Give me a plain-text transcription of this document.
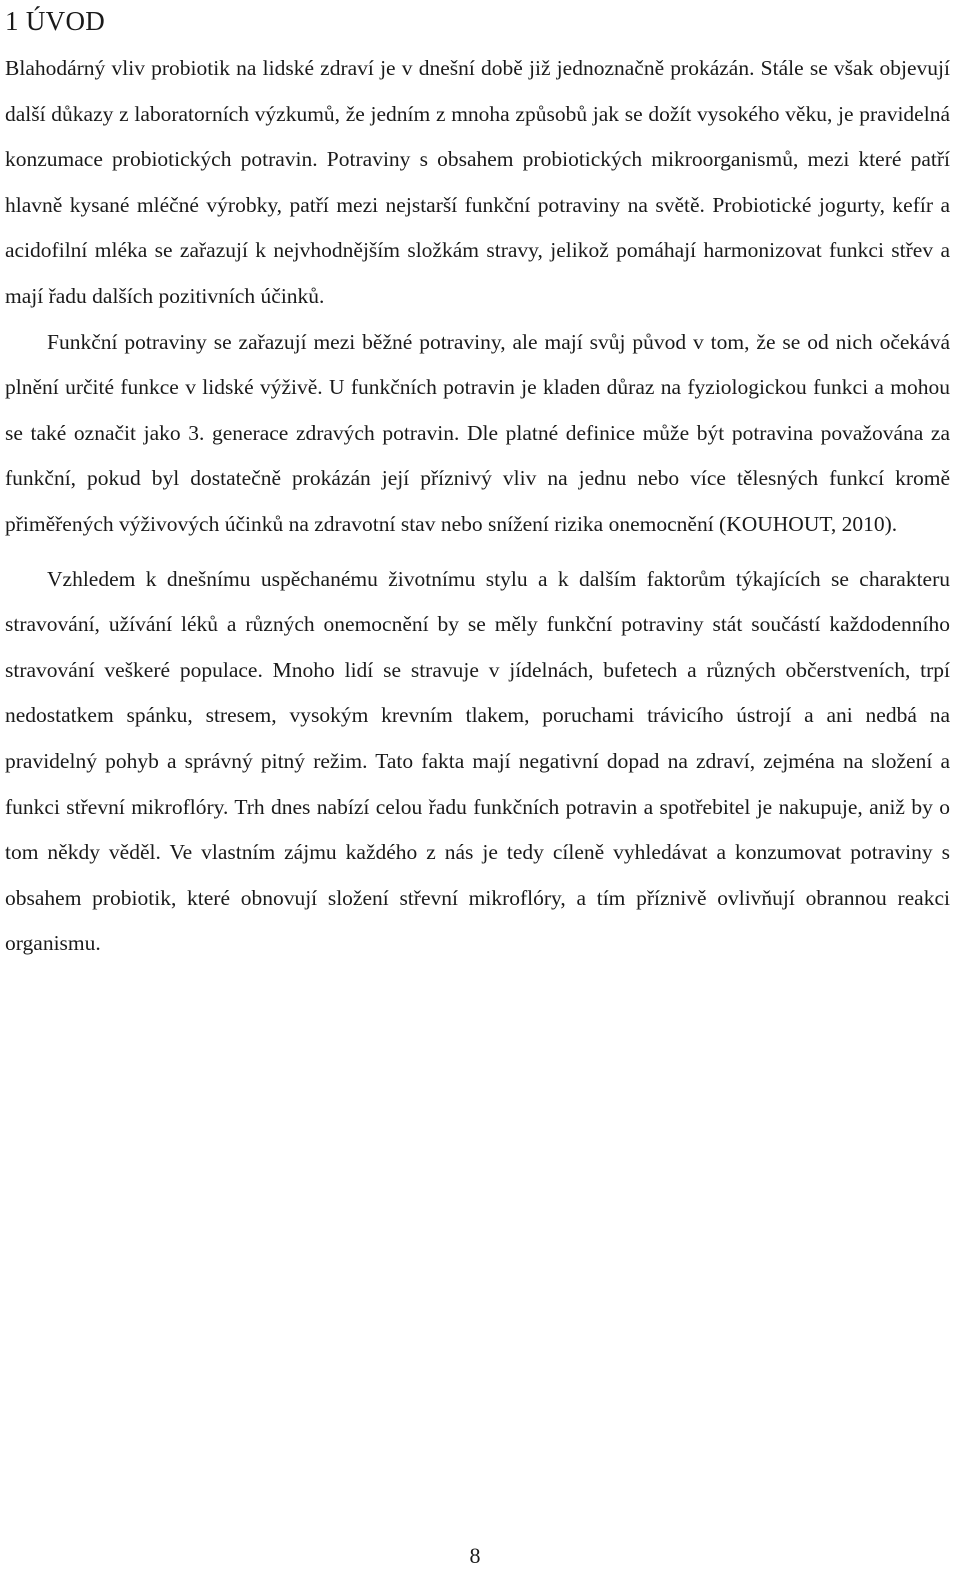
1 ÚVOD

Blahodárný vliv probiotik na lidské zdraví je v dnešní době již jednoznačně prokázán. Stále se však objevují další důkazy z laboratorních výzkumů, že jedním z mnoha způsobů jak se dožít vysokého věku, je pravidelná konzumace probiotických potravin. Potraviny s obsahem probiotických mikroorganismů, mezi které patří hlavně kysané mléčné výrobky, patří mezi nejstarší funkční potraviny na světě. Probiotické jogurty, kefír a acidofilní mléka se zařazují k nejvhodnějším složkám stravy, jelikož pomáhají harmonizovat funkci střev a mají řadu dalších pozitivních účinků.

Funkční potraviny se zařazují mezi běžné potraviny, ale mají svůj původ v tom, že se od nich očekává plnění určité funkce v lidské výživě. U funkčních potravin je kladen důraz na fyziologickou funkci a mohou se také označit jako 3. generace zdravých potravin. Dle platné definice může být potravina považována za funkční, pokud byl dostatečně prokázán její příznivý vliv na jednu nebo více tělesných funkcí kromě přiměřených výživových účinků na zdravotní stav nebo snížení rizika onemocnění (KOUHOUT, 2010).

Vzhledem k dnešnímu uspěchanému životnímu stylu a k dalším faktorům týkajících se charakteru stravování, užívání léků a různých onemocnění by se měly funkční potraviny stát součástí každodenního stravování veškeré populace. Mnoho lidí se stravuje v jídelnách, bufetech a různých občerstveních, trpí nedostatkem spánku, stresem, vysokým krevním tlakem, poruchami trávicího ústrojí a ani nedbá na pravidelný pohyb a správný pitný režim. Tato fakta mají negativní dopad na zdraví, zejména na složení a funkci střevní mikroflóry. Trh dnes nabízí celou řadu funkčních potravin a spotřebitel je nakupuje, aniž by o tom někdy věděl. Ve vlastním zájmu každého z nás je tedy cíleně vyhledávat a konzumovat potraviny s obsahem probiotik, které obnovují složení střevní mikroflóry, a tím příznivě ovlivňují obrannou reakci organismu.

8
